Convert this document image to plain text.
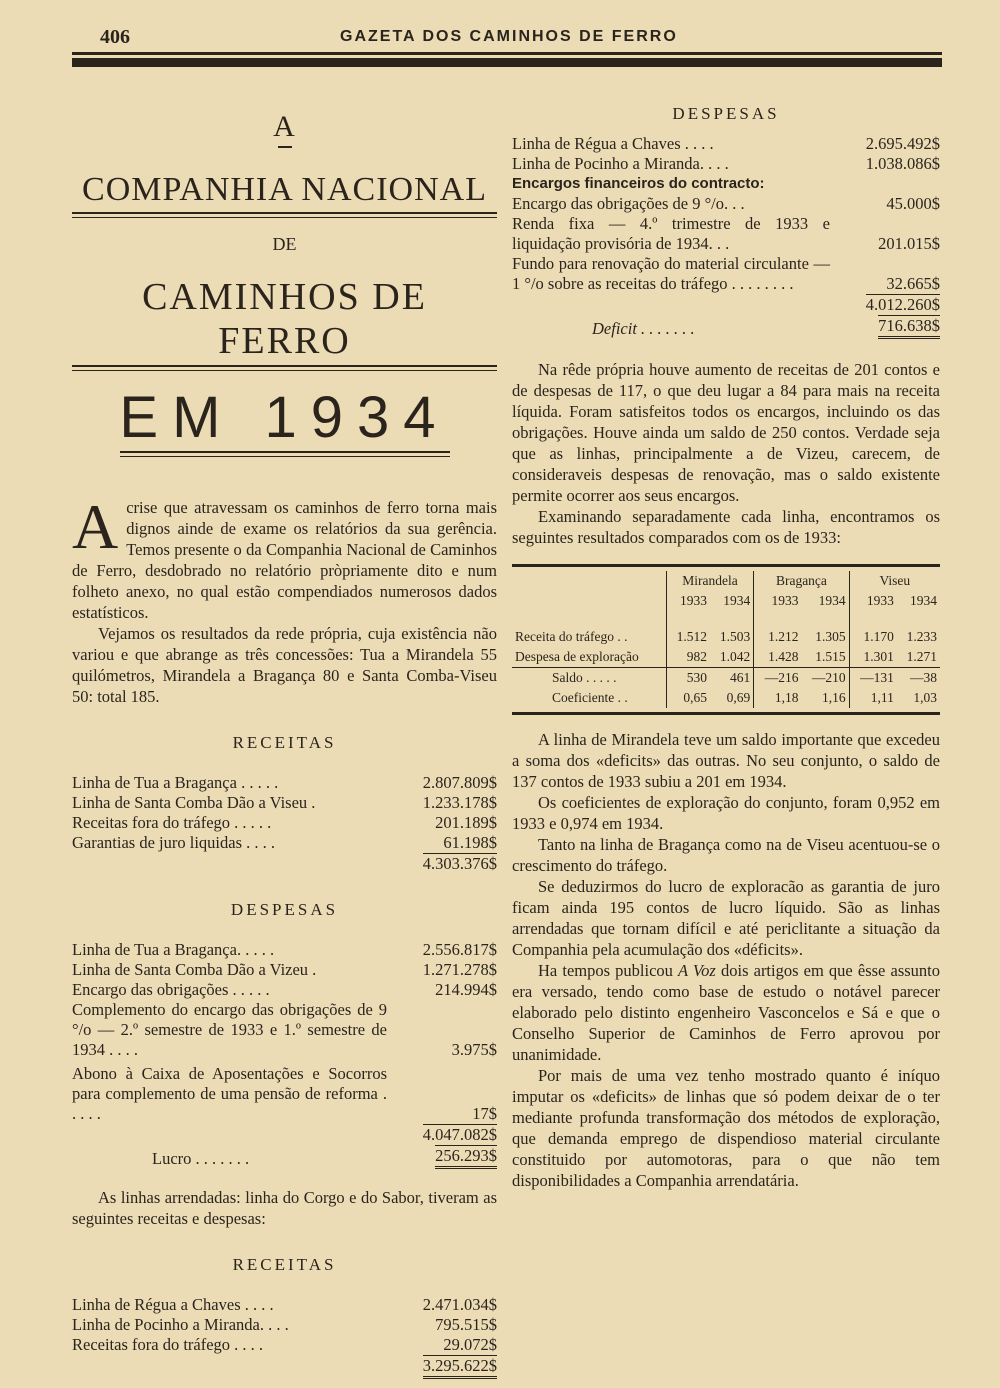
406	GAZETA DOS CAMINHOS DE FERRO
A
COMPANHIA NACIONAL
DE
CAMINHOS DE FERRO
EM 1934
A crise que atravessam os caminhos de ferro torna mais dignos ainde de exame os relatórios da sua gerência. Temos presente o da Companhia Nacional de Caminhos de Ferro, desdobrado no relatório pròpriamente dito e num folheto anexo, no qual estão compendiados numerosos dados estatísticos.

Vejamos os resultados da rede própria, cuja existência não variou e que abrange as três concessões: Tua a Mirandela 55 quilómetros, Mirandela a Bragança 80 e Santa Comba-Viseu 50: total 185.

RECEITAS
Linha de Tua a Bragança . . . . .	2.807.809$
Linha de Santa Comba Dão a Viseu .	1.233.178$
Receitas fora do tráfego . . . . .	201.189$
Garantias de juro liquidas . . . .	61.198$
	4.303.376$
DESPESAS
Linha de Tua a Bragança. . . . .	2.556.817$
Linha de Santa Comba Dão a Vizeu .	1.271.278$
Encargo das obrigações . . . . .	214.994$
Complemento do encargo das obrigações de 9 °/o — 2.º semestre de 1933 e 1.º semestre de 1934 . . . .	3.975$
Abono à Caixa de Aposentações e Socorros para complemento de uma pensão de reforma . . . . .	17$
	4.047.082$
Lucro . . . . . . .	256.293$

As linhas arrendadas: linha do Corgo e do Sabor, tiveram as seguintes receitas e despesas:

RECEITAS
Linha de Régua a Chaves . . . .	2.471.034$
Linha de Pocinho a Miranda. . . .	795.515$
Receitas fora do tráfego . . . .	29.072$
	3.295.622$
DESPESAS
Linha de Régua a Chaves . . . .	2.695.492$
Linha de Pocinho a Miranda. . . .	1.038.086$
Encargos financeiros do contracto:	
Encargo das obrigações de 9 °/o. . .	45.000$
Renda fixa — 4.º trimestre de 1933 e liquidação provisória de 1934. . .	201.015$
Fundo para renovação do material circulante — 1 °/o sobre as receitas do tráfego . . . . . . . .	32.665$
	4.012.260$
Deficit . . . . . . .	716.638$

Na rêde própria houve aumento de receitas de 201 contos e de despesas de 117, o que deu lugar a 84 para mais na receita líquida. Foram satisfeitos todos os encargos, incluindo os das obrigações. Houve ainda um saldo de 250 contos. Verdade seja que as linhas, principalmente a de Vizeu, carecem, de consideraveis despesas de renovação, mas o saldo existente permite ocorrer aos seus encargos.

Examinando separadamente cada linha, encontramos os seguintes resultados comparados com os de 1933:

	Mirandela		Bragança		Viseu	
	1933	1934	1933	1934	1933	1934

Receita do tráfego . .	1.512	1.503	1.212	1.305	1.170	1.233
Despesa de exploração	982	1.042	1.428	1.515	1.301	1.271
Saldo . . . . .	530	461	—216	—210	—131	—38
Coeficiente . .	0,65	0,69	1,18	1,16	1,11	1,03

A linha de Mirandela teve um saldo importante que excedeu a soma dos «deficits» das outras. No seu conjunto, o saldo de 137 contos de 1933 subiu a 201 em 1934.

Os coeficientes de exploração do conjunto, foram 0,952 em 1933 e 0,974 em 1934.

Tanto na linha de Bragança como na de Viseu acentuou-se o crescimento do tráfego.

Se deduzirmos do lucro de exploracão as garantia de juro ficam ainda 195 contos de lucro líquido. São as linhas arrendadas que tornam difícil e até periclitante a situação da Companhia pela acumulação dos «déficits».

Ha tempos publicou A Voz dois artigos em que êsse assunto era versado, tendo como base de estudo o notável parecer elaborado pelo distinto engenheiro Vasconcelos e Sá e que o Conselho Superior de Caminhos de Ferro aprovou por unanimidade.

Por mais de uma vez tenho mostrado quanto é iníquo imputar os «deficits» de linhas que só podem deixar de o ter mediante profunda transformação dos métodos de exploração, que demanda emprego de dispendioso material circulante constituido por automotoras, para o que não tem disponibilidades a Companhia arrendatária.
